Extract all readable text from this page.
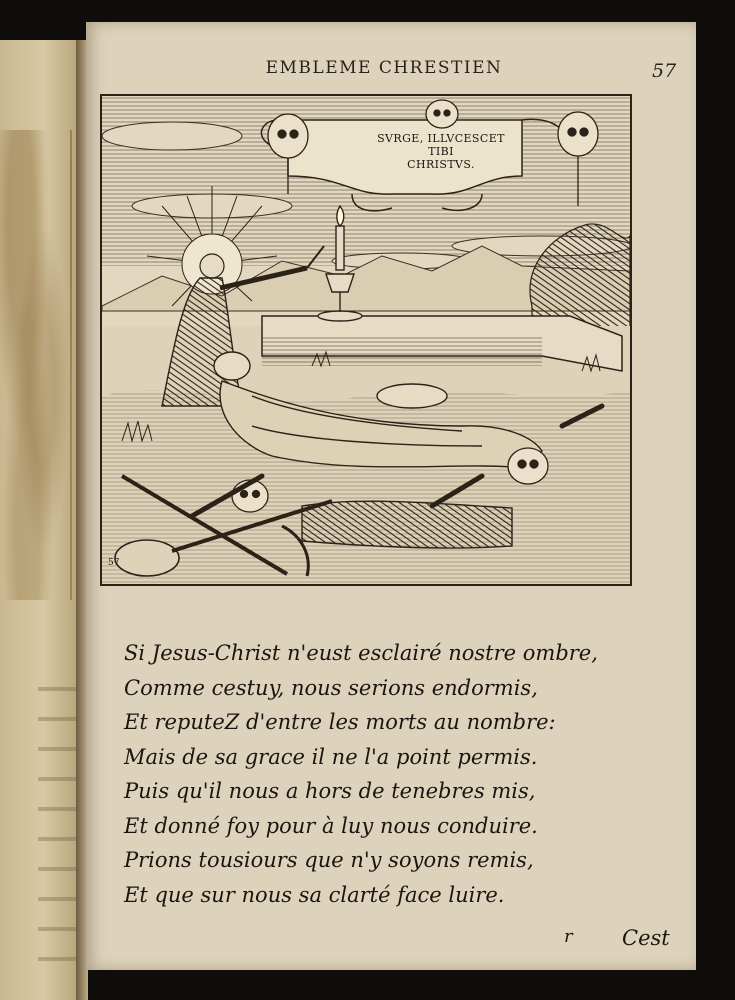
EMBLEME CHRESTIEN	57
SVRGE, ILLVCESCET TIBI
CHRISTVS.
57
Si Jesus-Christ n'eust esclairé nostre ombre,
Comme cestuy, nous serions endormis,
Et reputeZ d'entre les morts au nombre:
Mais de sa grace il ne l'a point permis.
Puis qu'il nous a hors de tenebres mis,
Et donné foy pour à luy nous conduire.
Prions tousiours que n'y soyons remis,
Et que sur nous sa clarté face luire.
r Cest
